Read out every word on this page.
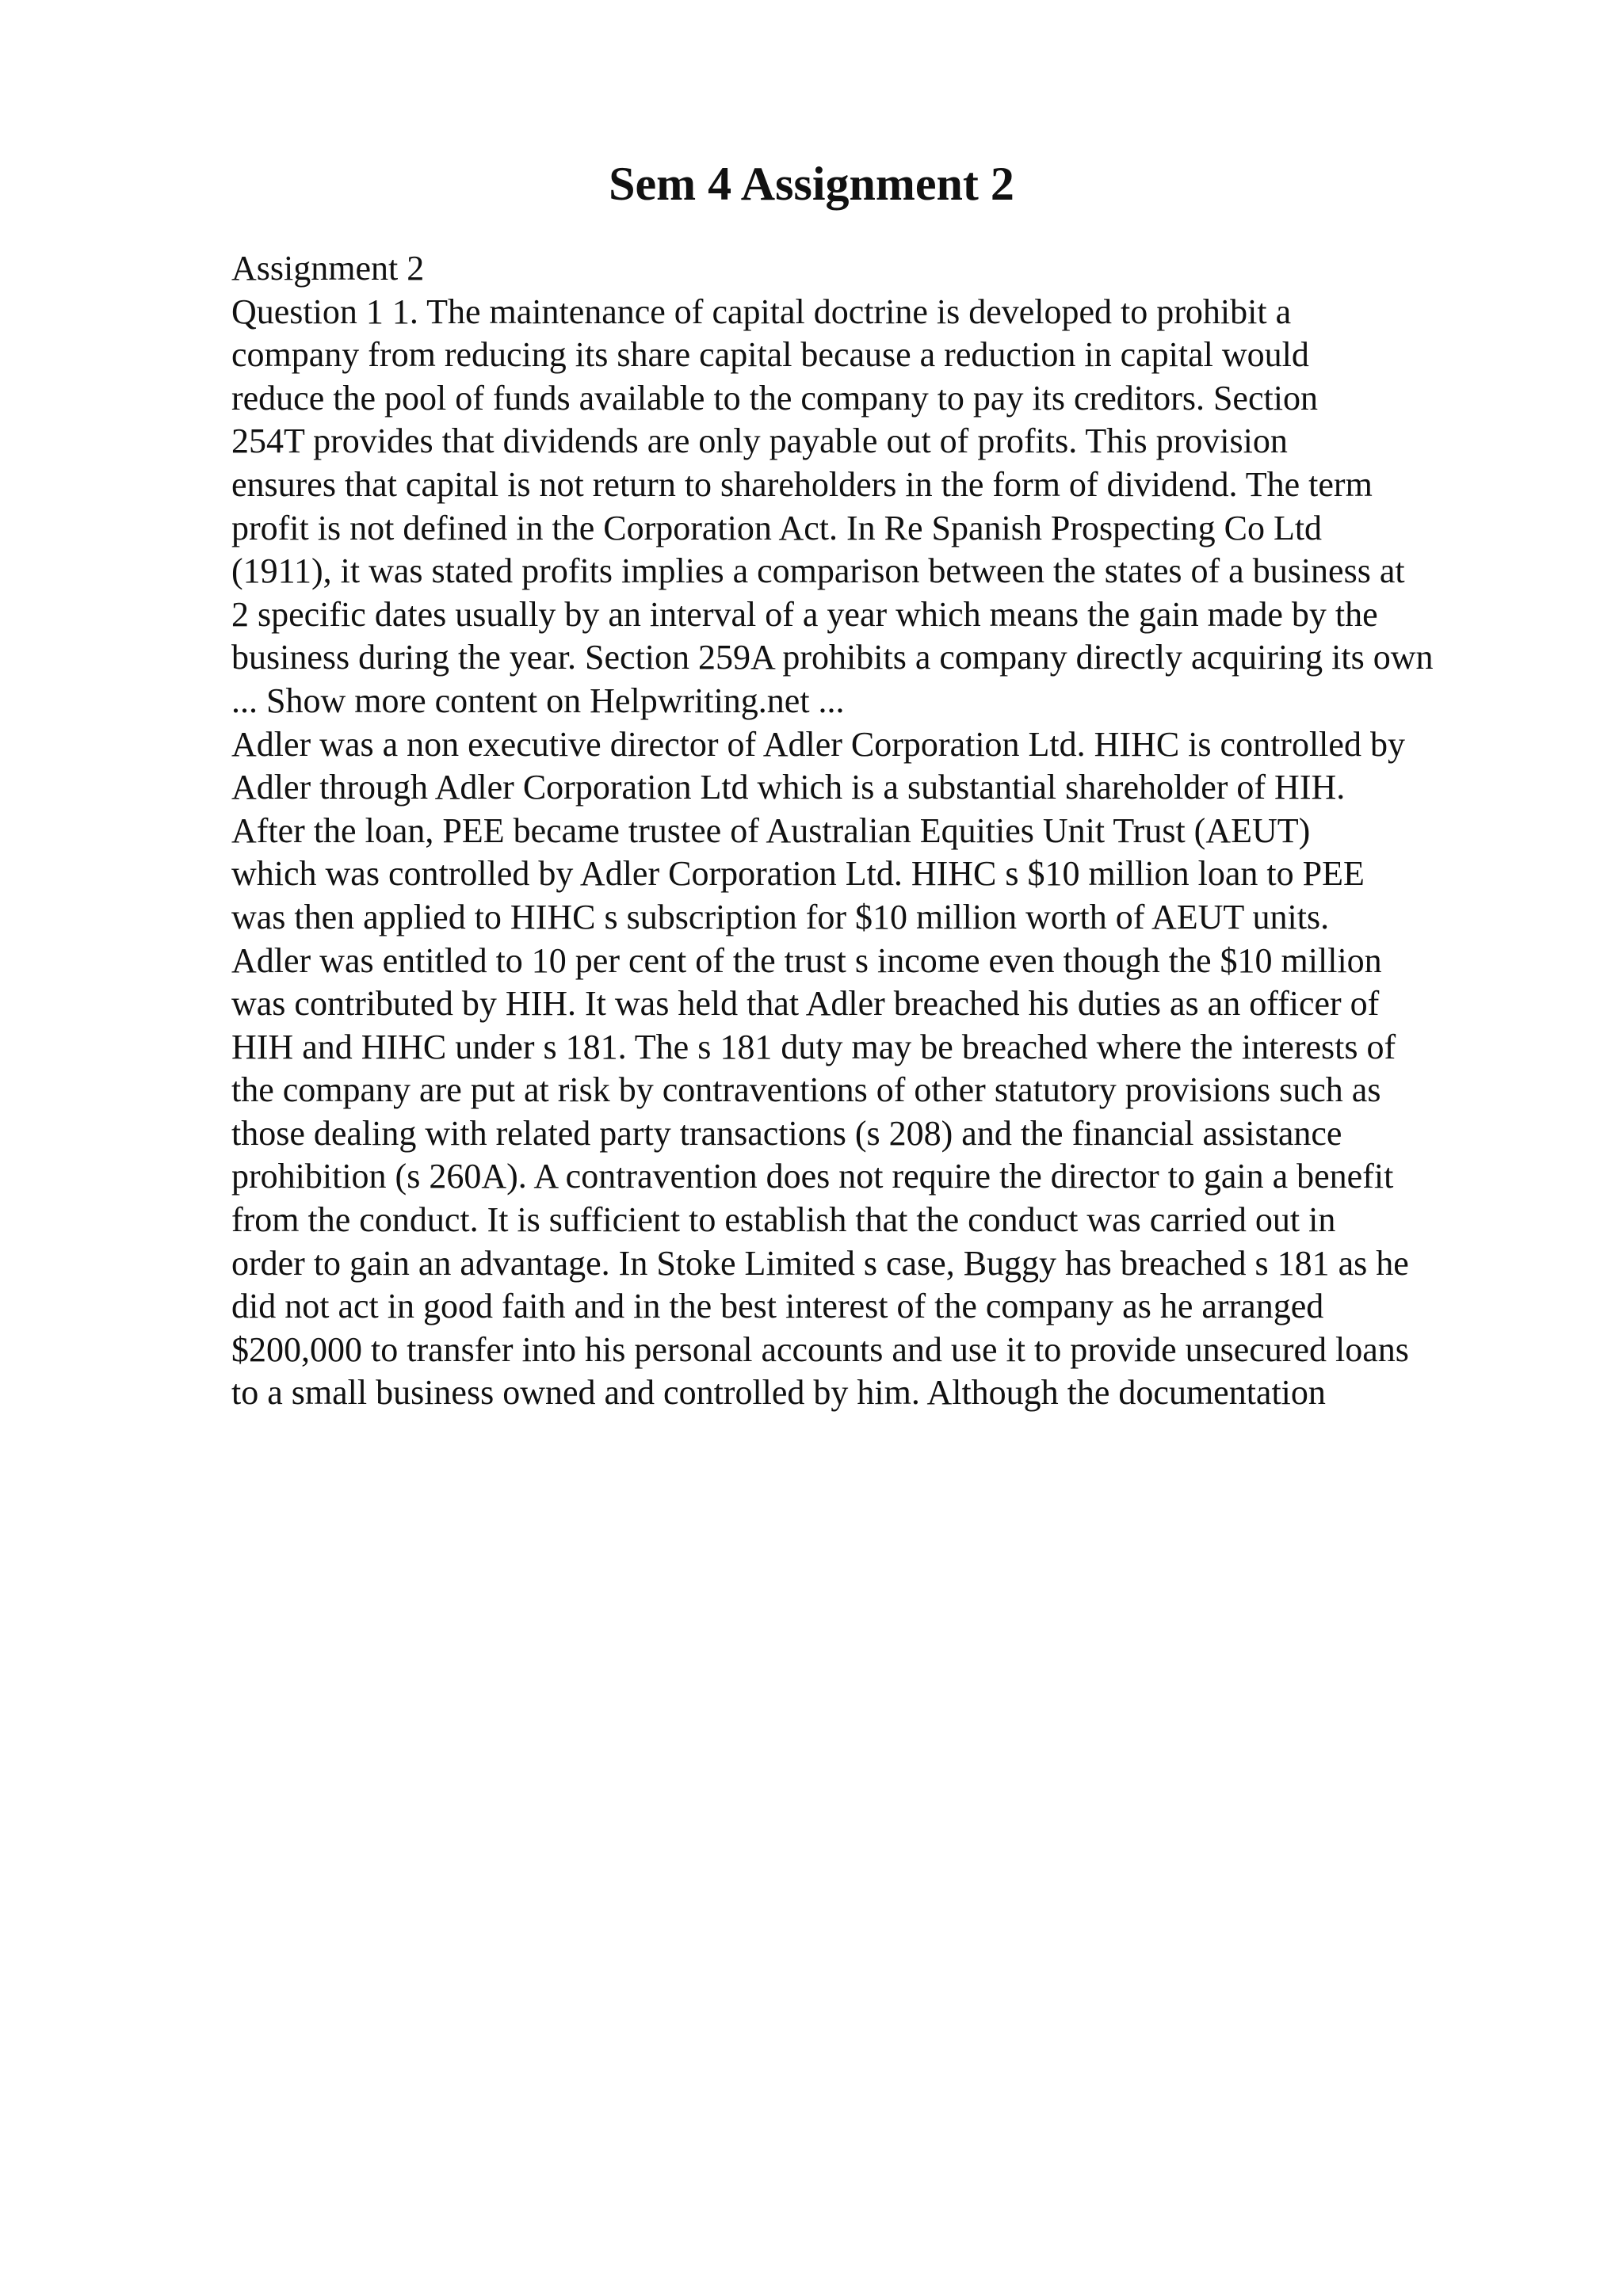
Sem 4 Assignment 2
Assignment 2
Question 1 1. The maintenance of capital doctrine is developed to prohibit a
company from reducing its share capital because a reduction in capital would
reduce the pool of funds available to the company to pay its creditors. Section
254T provides that dividends are only payable out of profits. This provision
ensures that capital is not return to shareholders in the form of dividend. The term
profit is not defined in the Corporation Act. In Re Spanish Prospecting Co Ltd
(1911), it was stated profits implies a comparison between the states of a business at
2 specific dates usually by an interval of a year which means the gain made by the
business during the year. Section 259A prohibits a company directly acquiring its own
... Show more content on Helpwriting.net ...
Adler was a non executive director of Adler Corporation Ltd. HIHC is controlled by
Adler through Adler Corporation Ltd which is a substantial shareholder of HIH.
After the loan, PEE became trustee of Australian Equities Unit Trust (AEUT)
which was controlled by Adler Corporation Ltd. HIHC s $10 million loan to PEE
was then applied to HIHC s subscription for $10 million worth of AEUT units.
Adler was entitled to 10 per cent of the trust s income even though the $10 million
was contributed by HIH. It was held that Adler breached his duties as an officer of
HIH and HIHC under s 181. The s 181 duty may be breached where the interests of
the company are put at risk by contraventions of other statutory provisions such as
those dealing with related party transactions (s 208) and the financial assistance
prohibition (s 260A). A contravention does not require the director to gain a benefit
from the conduct. It is sufficient to establish that the conduct was carried out in
order to gain an advantage. In Stoke Limited s case, Buggy has breached s 181 as he
did not act in good faith and in the best interest of the company as he arranged
$200,000 to transfer into his personal accounts and use it to provide unsecured loans
to a small business owned and controlled by him. Although the documentation
